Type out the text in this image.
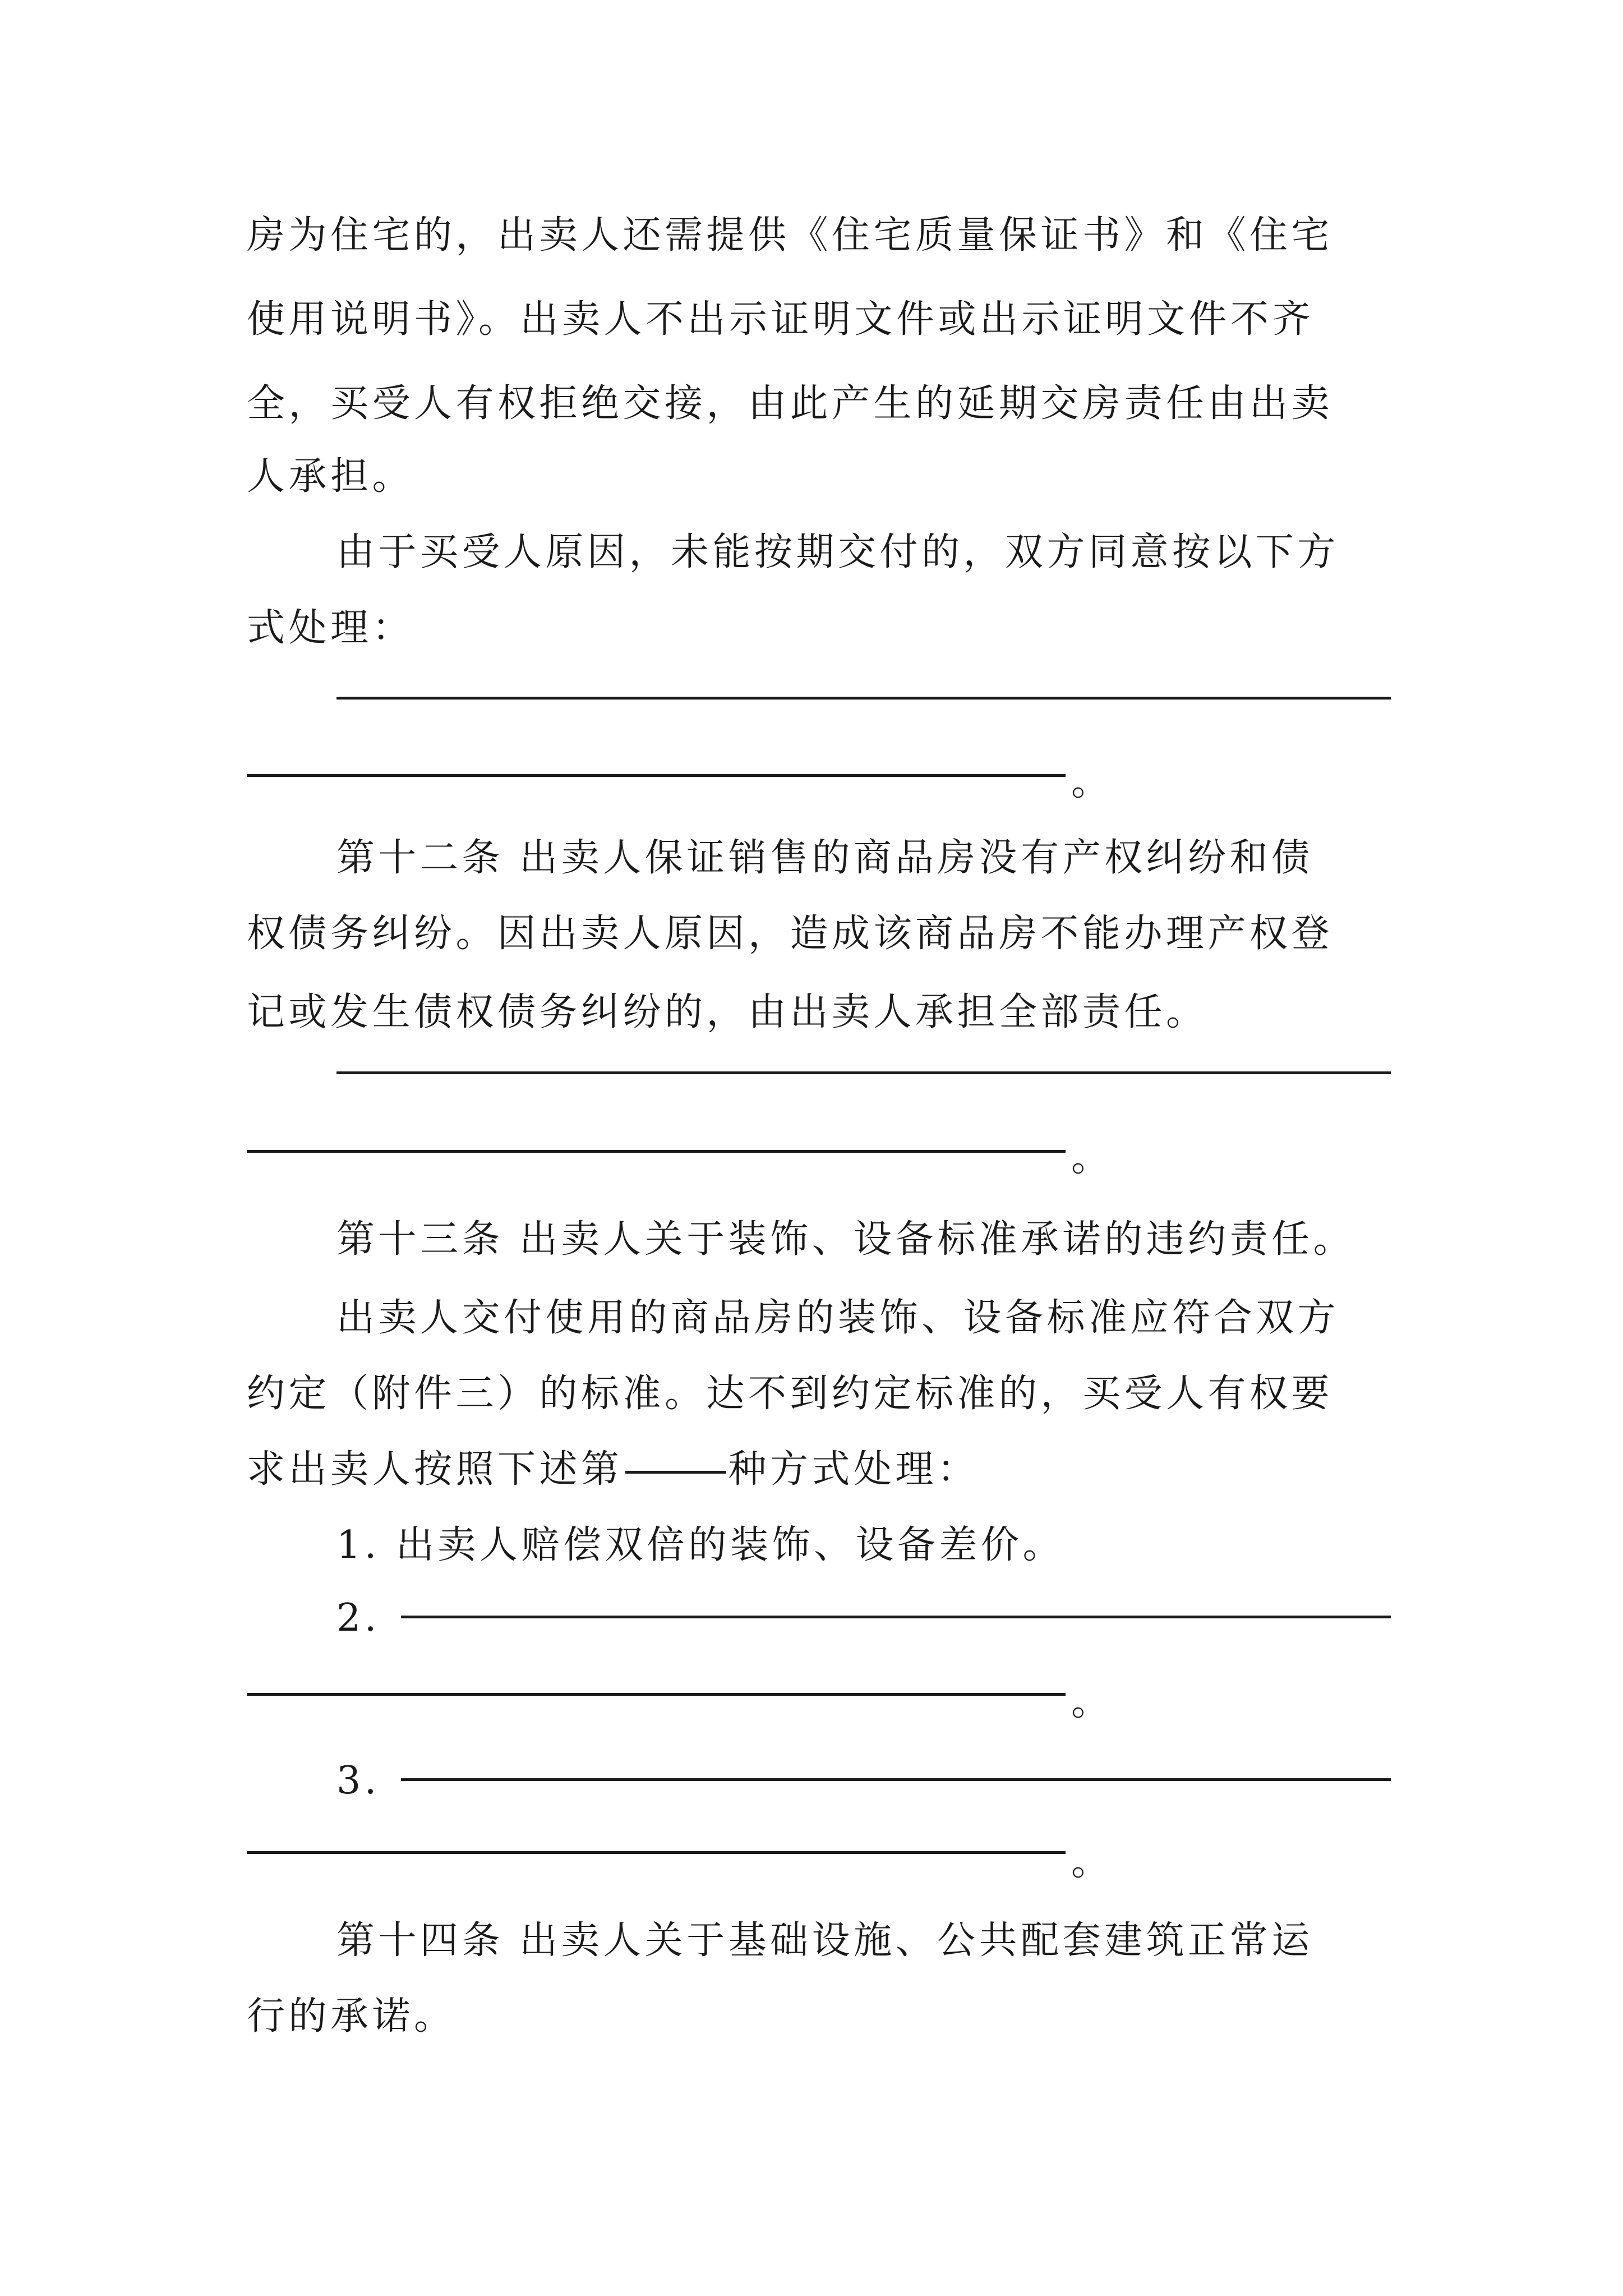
房为住宅的，出卖人还需提供《住宅质量保证书》和《住宅
使用说明书》。出卖人不出示证明文件或出示证明文件不齐
全，买受人有权拒绝交接，由此产生的延期交房责任由出卖
人承担。
由于买受人原因，未能按期交付的，双方同意按以下方
式处理：
。
第十二条 出卖人保证销售的商品房没有产权纠纷和债
权债务纠纷。因出卖人原因，造成该商品房不能办理产权登
记或发生债权债务纠纷的，由出卖人承担全部责任。
。
第十三条 出卖人关于装饰、设备标准承诺的违约责任。
出卖人交付使用的商品房的装饰、设备标准应符合双方
约定（附件三）的标准。达不到约定标准的，买受人有权要
求出卖人按照下述第	种方式处理：
1. 出卖人赔偿双倍的装饰、设备差价。
2.
。
3.
。
第十四条 出卖人关于基础设施、公共配套建筑正常运
行的承诺。
